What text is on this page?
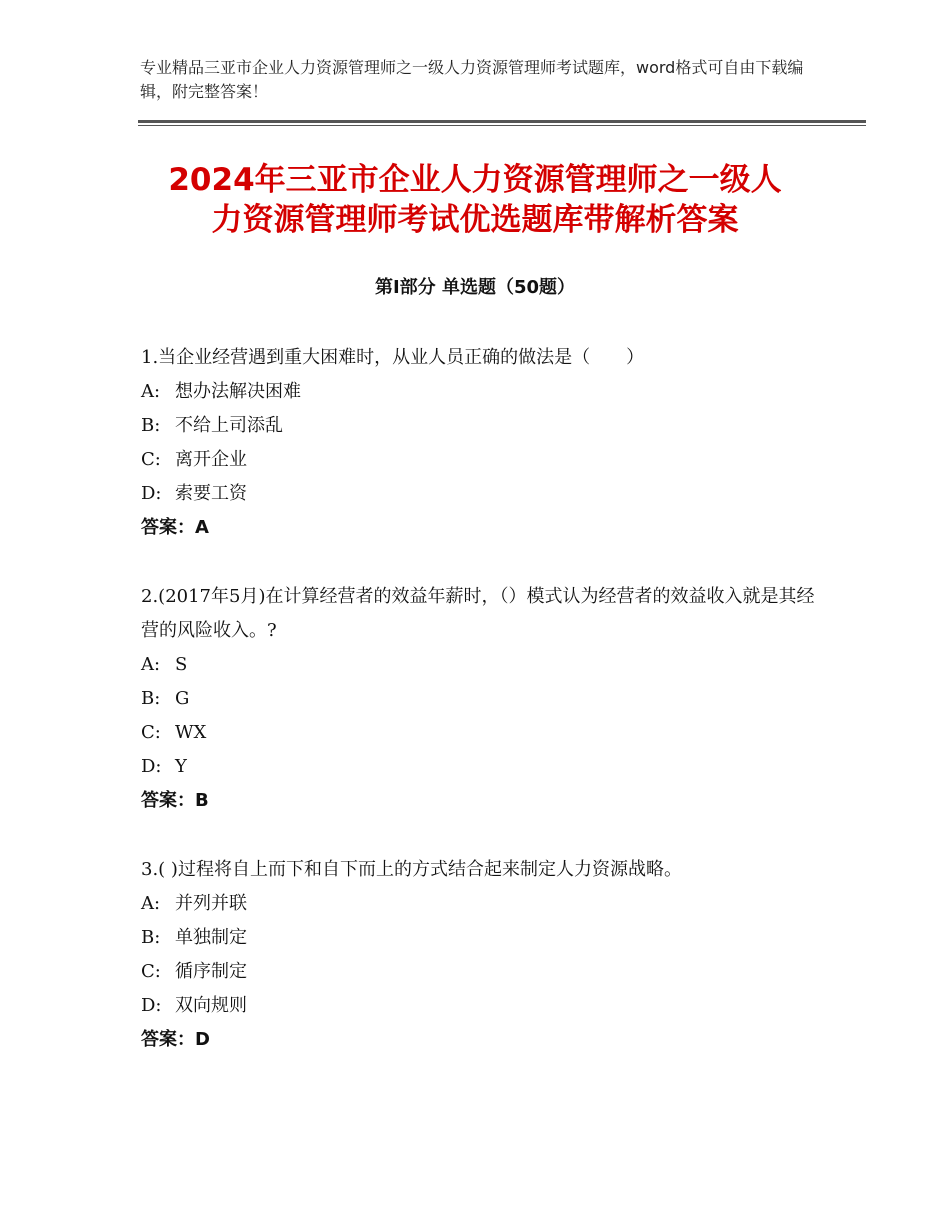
专业精品三亚市企业人力资源管理师之一级人力资源管理师考试题库，word格式可自由下载编辑，附完整答案！
2024年三亚市企业人力资源管理师之一级人
力资源管理师考试优选题库带解析答案
第Ⅰ部分 单选题（50题）

1.当企业经营遇到重大困难时，从业人员正确的做法是（　　）

A: 想办法解决困难

B: 不给上司添乱

C: 离开企业

D: 索要工资

答案：A

2.(2017年5月)在计算经营者的效益年薪时，（）模式认为经营者的效益收入就是其经营的风险收入。?

A: S

B: G

C: WX

D: Y

答案：B

3.( )过程将自上而下和自下而上的方式结合起来制定人力资源战略。

A: 并列并联

B: 单独制定

C: 循序制定

D: 双向规则

答案：D
